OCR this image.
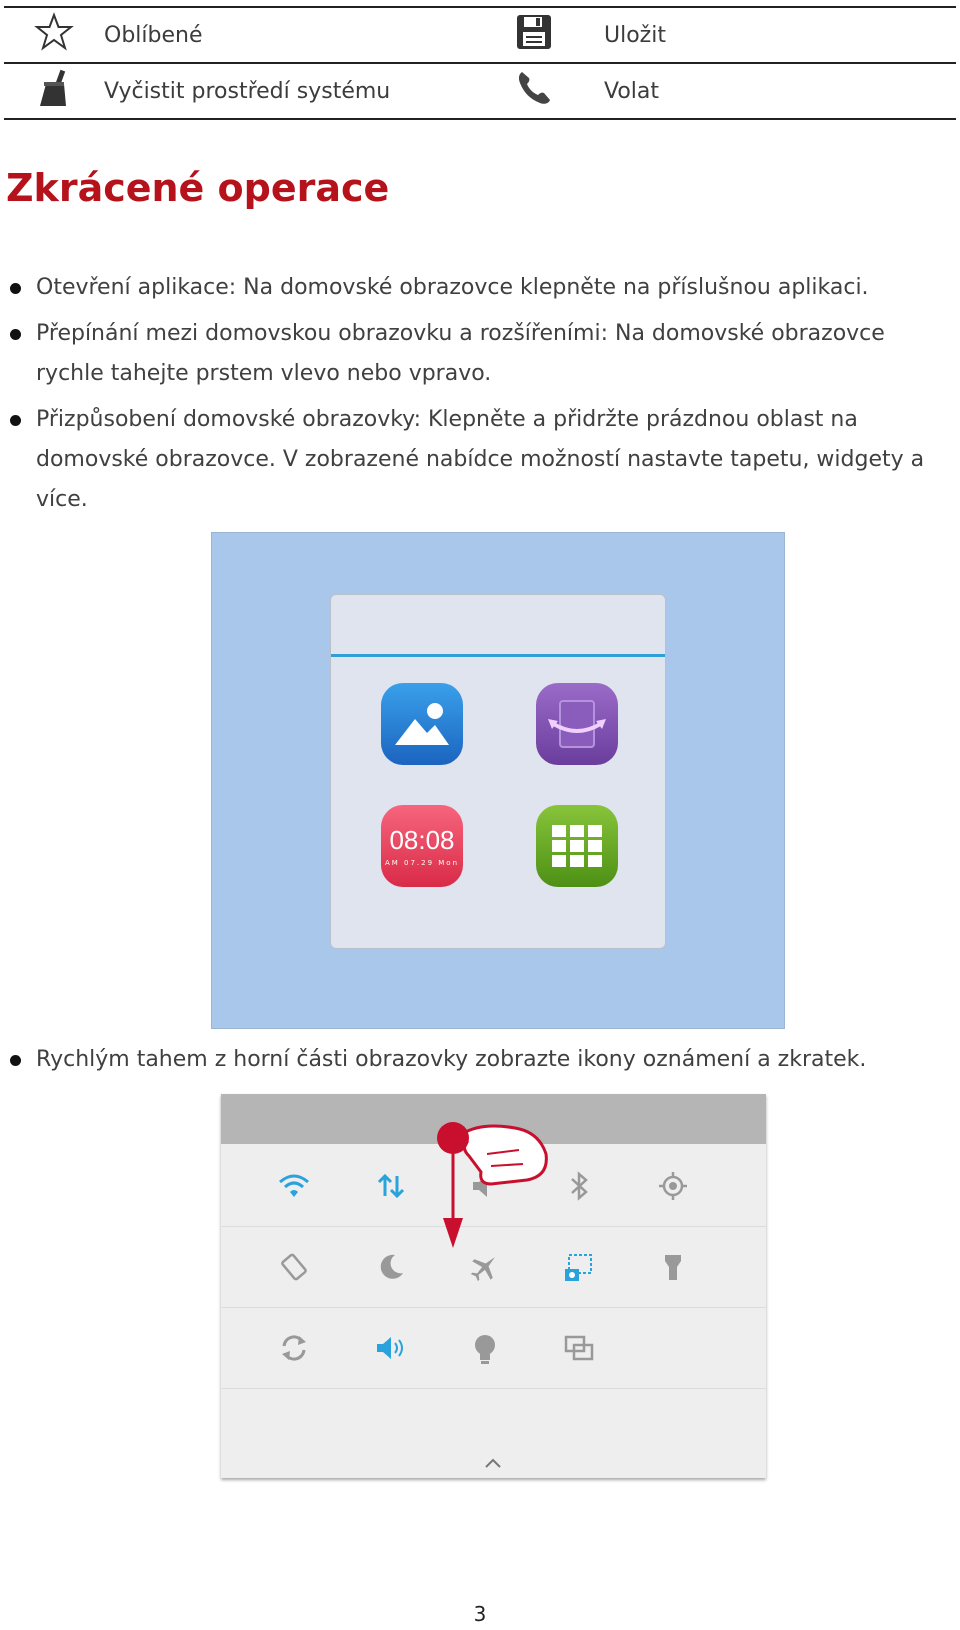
	Oblíbené		Uložit
	Vyčistit prostředí systému		Volat
Zkrácené operace
Otevření aplikace: Na domovské obrazovce klepněte na příslušnou aplikaci.
Přepínání mezi domovskou obrazovku a rozšířeními: Na domovské obrazovce rychle tahejte prstem vlevo nebo vpravo.
Přizpůsobení domovské obrazovky: Klepněte a přidržte prázdnou oblast na domovské obrazovce. V zobrazené nabídce možností nastavte tapetu, widgety a více.
08:08
AM 07.29 Mon
Rychlým tahem z horní části obrazovky zobrazte ikony oznámení a zkratek.
3
